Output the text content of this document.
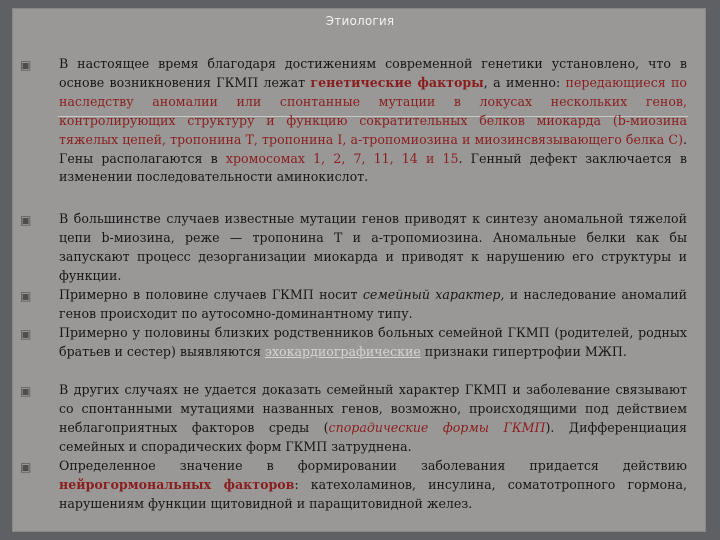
Этиология
▣
▣
▣
▣
▣
▣
В настоящее время благодаря достижениям современной генетики установлено, что в основе возникновения ГКМП лежат генетические факторы, а именно: передающиеся по наследству аномалии или спонтанные мутации в локусах нескольких генов, контролирующих структуру и функцию сократительных белков миокарда (b-миозина тяжелых цепей, тропонина Т, тропонина I, а-тропомиозина и миозинсвязывающего белка С). Гены располагаются в хромосомах 1, 2, 7, 11, 14 и 15. Генный дефект заключается в изменении последовательности аминокислот.
В большинстве случаев известные мутации генов приводят к синтезу аномальной тяжелой цепи b-миозина, реже — тропонина Т и а-тропомиозина. Аномальные белки как бы запускают процесс дезорганизации миокарда и приводят к нарушению его структуры и функции.
Примерно в половине случаев ГКМП носит семейный характер, и наследование аномалий генов происходит по аутосомно-доминантному типу.
Примерно у половины близких родственников больных семейной ГКМП (родителей, родных братьев и сестер) выявляются эхокардиографические признаки гипертрофии МЖП.
В других случаях не удается доказать семейный характер ГКМП и заболевание связывают со спонтанными мутациями названных генов, возможно, происходящими под действием неблагоприятных факторов среды (спорадические формы ГКМП). Дифференциация семейных и спорадических форм ГКМП затруднена.
Определенное значение в формировании заболевания придается действию нейрогормональных факторов: катехоламинов, инсулина, соматотропного гормона, нарушениям функции щитовидной и паращитовидной желез.
